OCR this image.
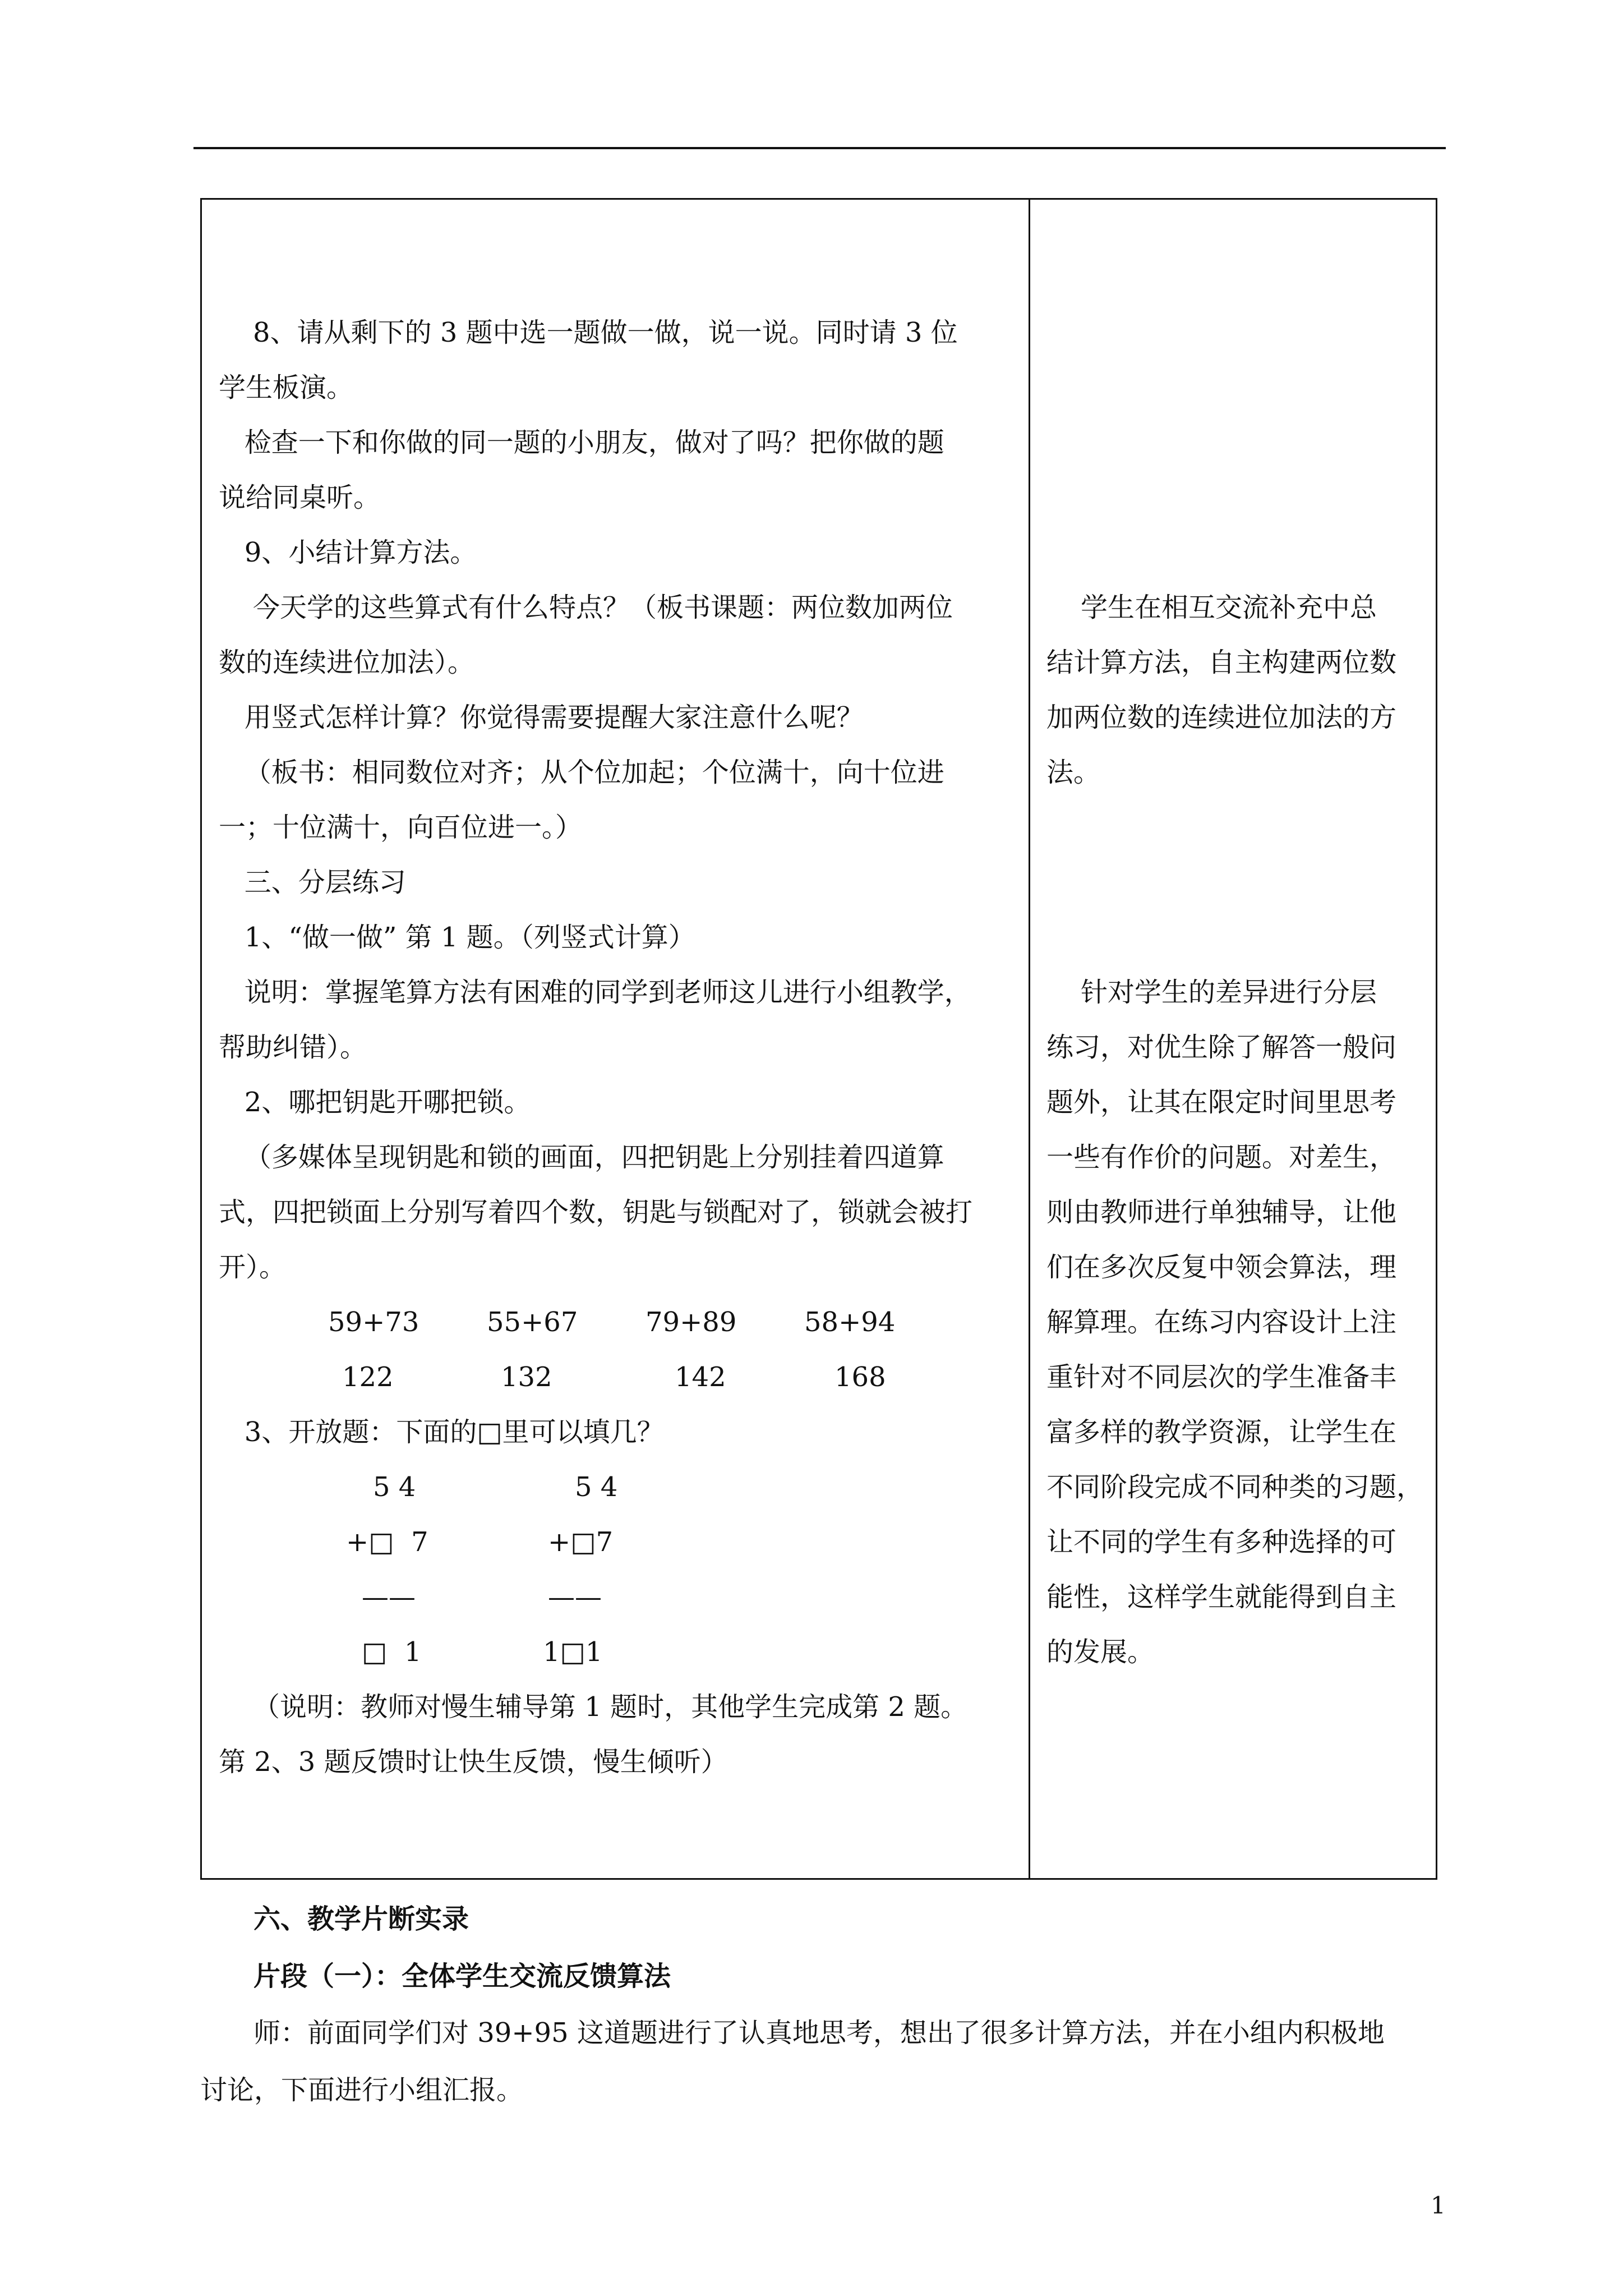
8、请从剩下的 3 题中选一题做一做，说一说。同时请 3 位
学生板演。
检查一下和你做的同一题的小朋友，做对了吗？把你做的题
说给同桌听。
9、小结计算方法。
今天学的这些算式有什么特点？（板书课题：两位数加两位
数的连续进位加法）。
用竖式怎样计算？你觉得需要提醒大家注意什么呢？
（板书：相同数位对齐；从个位加起；个位满十，向十位进
一；十位满十，向百位进一。）
三、分层练习
1、“做一做” 第 1 题。（列竖式计算）
说明：掌握笔算方法有困难的同学到老师这儿进行小组教学，
帮助纠错）。
2、哪把钥匙开哪把锁。
（多媒体呈现钥匙和锁的画面，四把钥匙上分别挂着四道算
式，四把锁面上分别写着四个数，钥匙与锁配对了，锁就会被打
开）。
59+73	55+67	79+89	58+94
122	132	142	168
3、开放题：下面的□里可以填几？
5 4
+□  7
——
□  1
5 4
+□7
——
1□1
（说明：教师对慢生辅导第 1 题时，其他学生完成第 2 题。
第 2、3 题反馈时让快生反馈，慢生倾听）
学生在相互交流补充中总
结计算方法，自主构建两位数
加两位数的连续进位加法的方
法。
针对学生的差异进行分层
练习，对优生除了解答一般问
题外，让其在限定时间里思考
一些有作价的问题。对差生，
则由教师进行单独辅导，让他
们在多次反复中领会算法，理
解算理。在练习内容设计上注
重针对不同层次的学生准备丰
富多样的教学资源，让学生在
不同阶段完成不同种类的习题，
让不同的学生有多种选择的可
能性，这样学生就能得到自主
的发展。
六、教学片断实录
片段（一）：全体学生交流反馈算法
师：前面同学们对 39+95 这道题进行了认真地思考，想出了很多计算方法，并在小组内积极地
讨论，下面进行小组汇报。
1
